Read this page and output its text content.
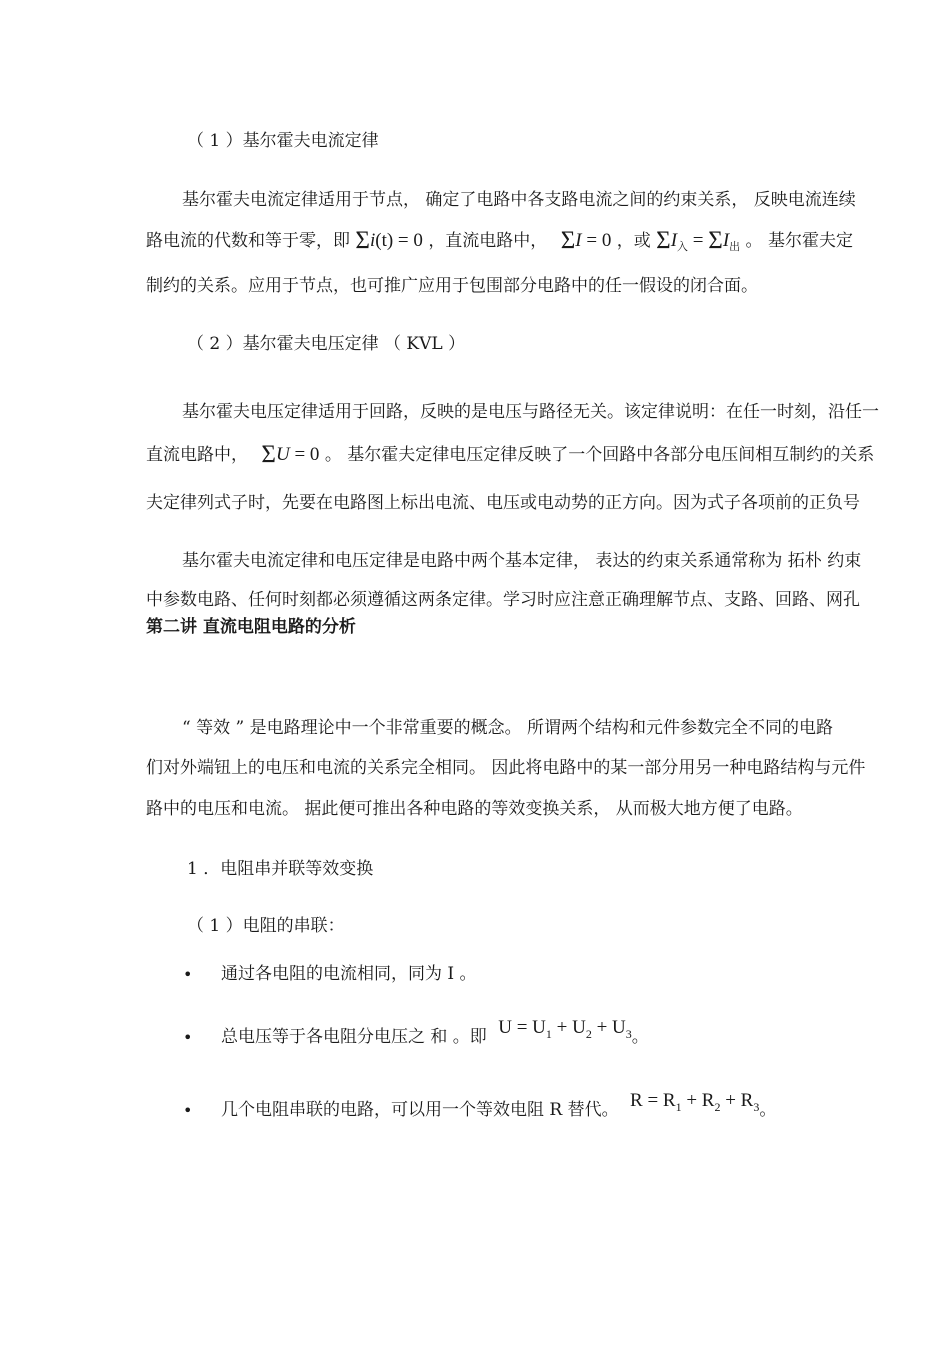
（ 1 ）基尔霍夫电流定律
基尔霍夫电流定律适用于节点， 确定了电路中各支路电流之间的约束关系， 反映电流连续
路电流的代数和等于零，即 Σi(t) = 0 ，直流电路中， ΣI = 0 ，或 $\Sigma I_入 = \Sigma I_出$ 。 基尔霍夫定
制约的关系。应用于节点，也可推广应用于包围部分电路中的任一假设的闭合面。
（ 2 ）基尔霍夫电压定律 （ KVL ）
基尔霍夫电压定律适用于回路，反映的是电压与路径无关。该定律说明：在任一时刻，沿任一
直流电路中， ΣU = 0 。 基尔霍夫定律电压定律反映了一个回路中各部分电压间相互制约的关系
夫定律列式子时，先要在电路图上标出电流、电压或电动势的正方向。因为式子各项前的正负号
基尔霍夫电流定律和电压定律是电路中两个基本定律， 表达的约束关系通常称为 拓朴 约束
中参数电路、任何时刻都必须遵循这两条定律。学习时应注意正确理解节点、支路、回路、网孔
第二讲 直流电阻电路的分析
“ 等效 ” 是电路理论中一个非常重要的概念。 所谓两个结构和元件参数完全不同的电路
们对外端钮上的电压和电流的关系完全相同。 因此将电路中的某一部分用另一种电路结构与元件
路中的电压和电流。 据此便可推出各种电路的等效变换关系， 从而极大地方便了电路。
1 ．电阻串并联等效变换
（ 1 ）电阻的串联：
• 通过各电阻的电流相同，同为 I 。
• 总电压等于各电阻分电压之 和 。即 $U = U_1 + U_2 + U_3$。
• 几个电阻串联的电路，可以用一个等效电阻 R 替代。 $R = R_1 + R_2 + R_3$。
